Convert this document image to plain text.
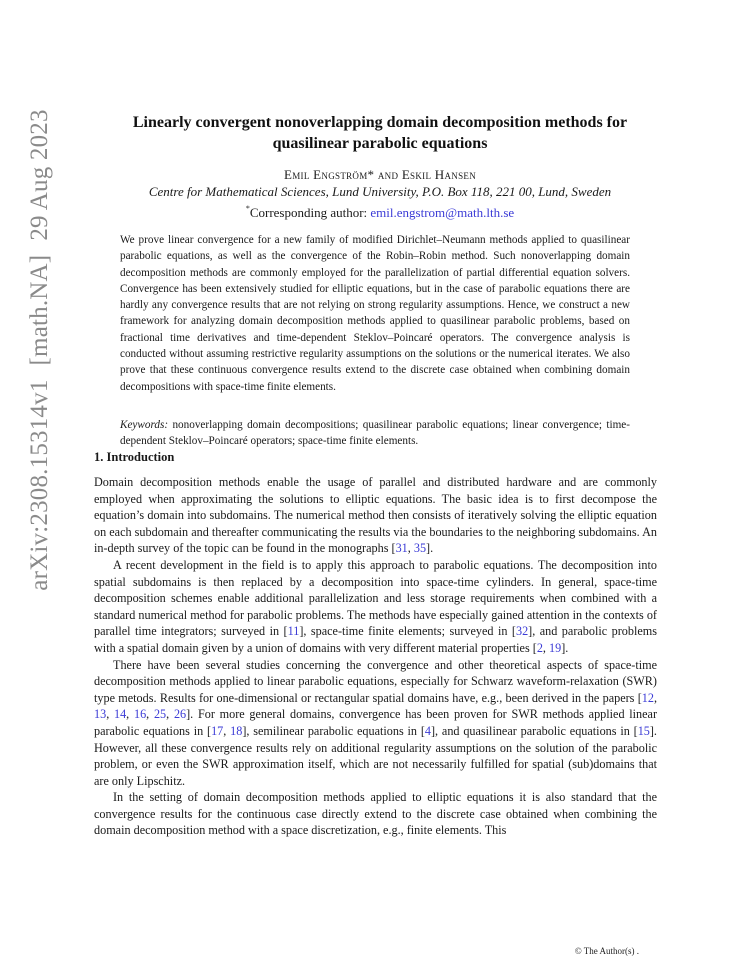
arXiv:2308.15314v1[math.NA]29 Aug 2023	Linearly convergent nonoverlapping domain decomposition methods for
quasilinear parabolic equations
Emil Engström* and Eskil Hansen
Centre for Mathematical Sciences, Lund University, P.O. Box 118, 221 00, Lund, Sweden
*Corresponding author: emil.engstrom@math.lth.se
We prove linear convergence for a new family of modified Dirichlet–Neumann methods applied to quasilinear parabolic equations, as well as the convergence of the Robin–Robin method. Such nonoverlapping domain decomposition methods are commonly employed for the parallelization of partial differential equation solvers. Convergence has been extensively studied for elliptic equations, but in the case of parabolic equations there are hardly any convergence results that are not relying on strong regularity assumptions. Hence, we construct a new framework for analyzing domain decomposition methods applied to quasilinear parabolic problems, based on fractional time derivatives and time-dependent Steklov–Poincaré operators. The convergence analysis is conducted without assuming restrictive regularity assumptions on the solutions or the numerical iterates. We also prove that these continuous convergence results extend to the discrete case obtained when combining domain decompositions with space-time finite elements.
Keywords: nonoverlapping domain decompositions; quasilinear parabolic equations; linear convergence; time-dependent Steklov–Poincaré operators; space-time finite elements.
1. Introduction

Domain decomposition methods enable the usage of parallel and distributed hardware and are commonly employed when approximating the solutions to elliptic equations. The basic idea is to first decompose the equation’s domain into subdomains. The numerical method then consists of iteratively solving the elliptic equation on each subdomain and thereafter communicating the results via the boundaries to the neighboring subdomains. An in-depth survey of the topic can be found in the monographs [31, 35].

A recent development in the field is to apply this approach to parabolic equations. The decomposition into spatial subdomains is then replaced by a decomposition into space-time cylinders. In general, space-time decomposition schemes enable additional parallelization and less storage requirements when combined with a standard numerical method for parabolic problems. The methods have especially gained attention in the contexts of parallel time integrators; surveyed in [11], space-time finite elements; surveyed in [32], and parabolic problems with a spatial domain given by a union of domains with very different material properties [2, 19].

There have been several studies concerning the convergence and other theoretical aspects of space-time decomposition methods applied to linear parabolic equations, especially for Schwarz waveform-relaxation (SWR) type metods. Results for one-dimensional or rectangular spatial domains have, e.g., been derived in the papers [12, 13, 14, 16, 25, 26]. For more general domains, convergence has been proven for SWR methods applied linear parabolic equations in [17, 18], semilinear parabolic equations in [4], and quasilinear parabolic equations in [15]. However, all these convergence results rely on additional regularity assumptions on the solution of the parabolic problem, or even the SWR approximation itself, which are not necessarily fulfilled for spatial (sub)domains that are only Lipschitz.

In the setting of domain decomposition methods applied to elliptic equations it is also standard that the convergence results for the continuous case directly extend to the discrete case obtained when combining the domain decomposition method with a space discretization, e.g., finite elements. This

© The Author(s) .
